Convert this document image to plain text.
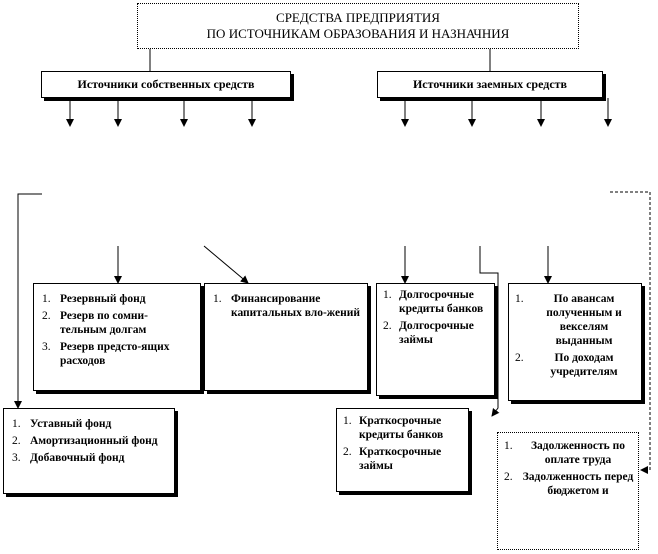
СРЕДСТВА ПРЕДПРИЯТИЯ
ПО ИСТОЧНИКАМ ОБРАЗОВАНИЯ И НАЗНАЧНИЯ
Источники собственных средств	Источники заемных средств
1. Резервный фонд
2. Резерв по сомни-тельным долгам
3. Резерв предсто-ящих расходов
1. Финансирование капитальных вло-жений
1. Долгосрочные кредиты банков
2. Долгосрочные займы
1.	По авансам полученным и векселям выданным
2.	По доходам учредителям
1. Уставный фонд
2. Амортизационный фонд
3. Добавочный фонд
1. Краткосрочные кредиты банков
2. Краткосрочные займы
1. Задолженность по оплате труда
2. Задолженность перед бюджетом и
